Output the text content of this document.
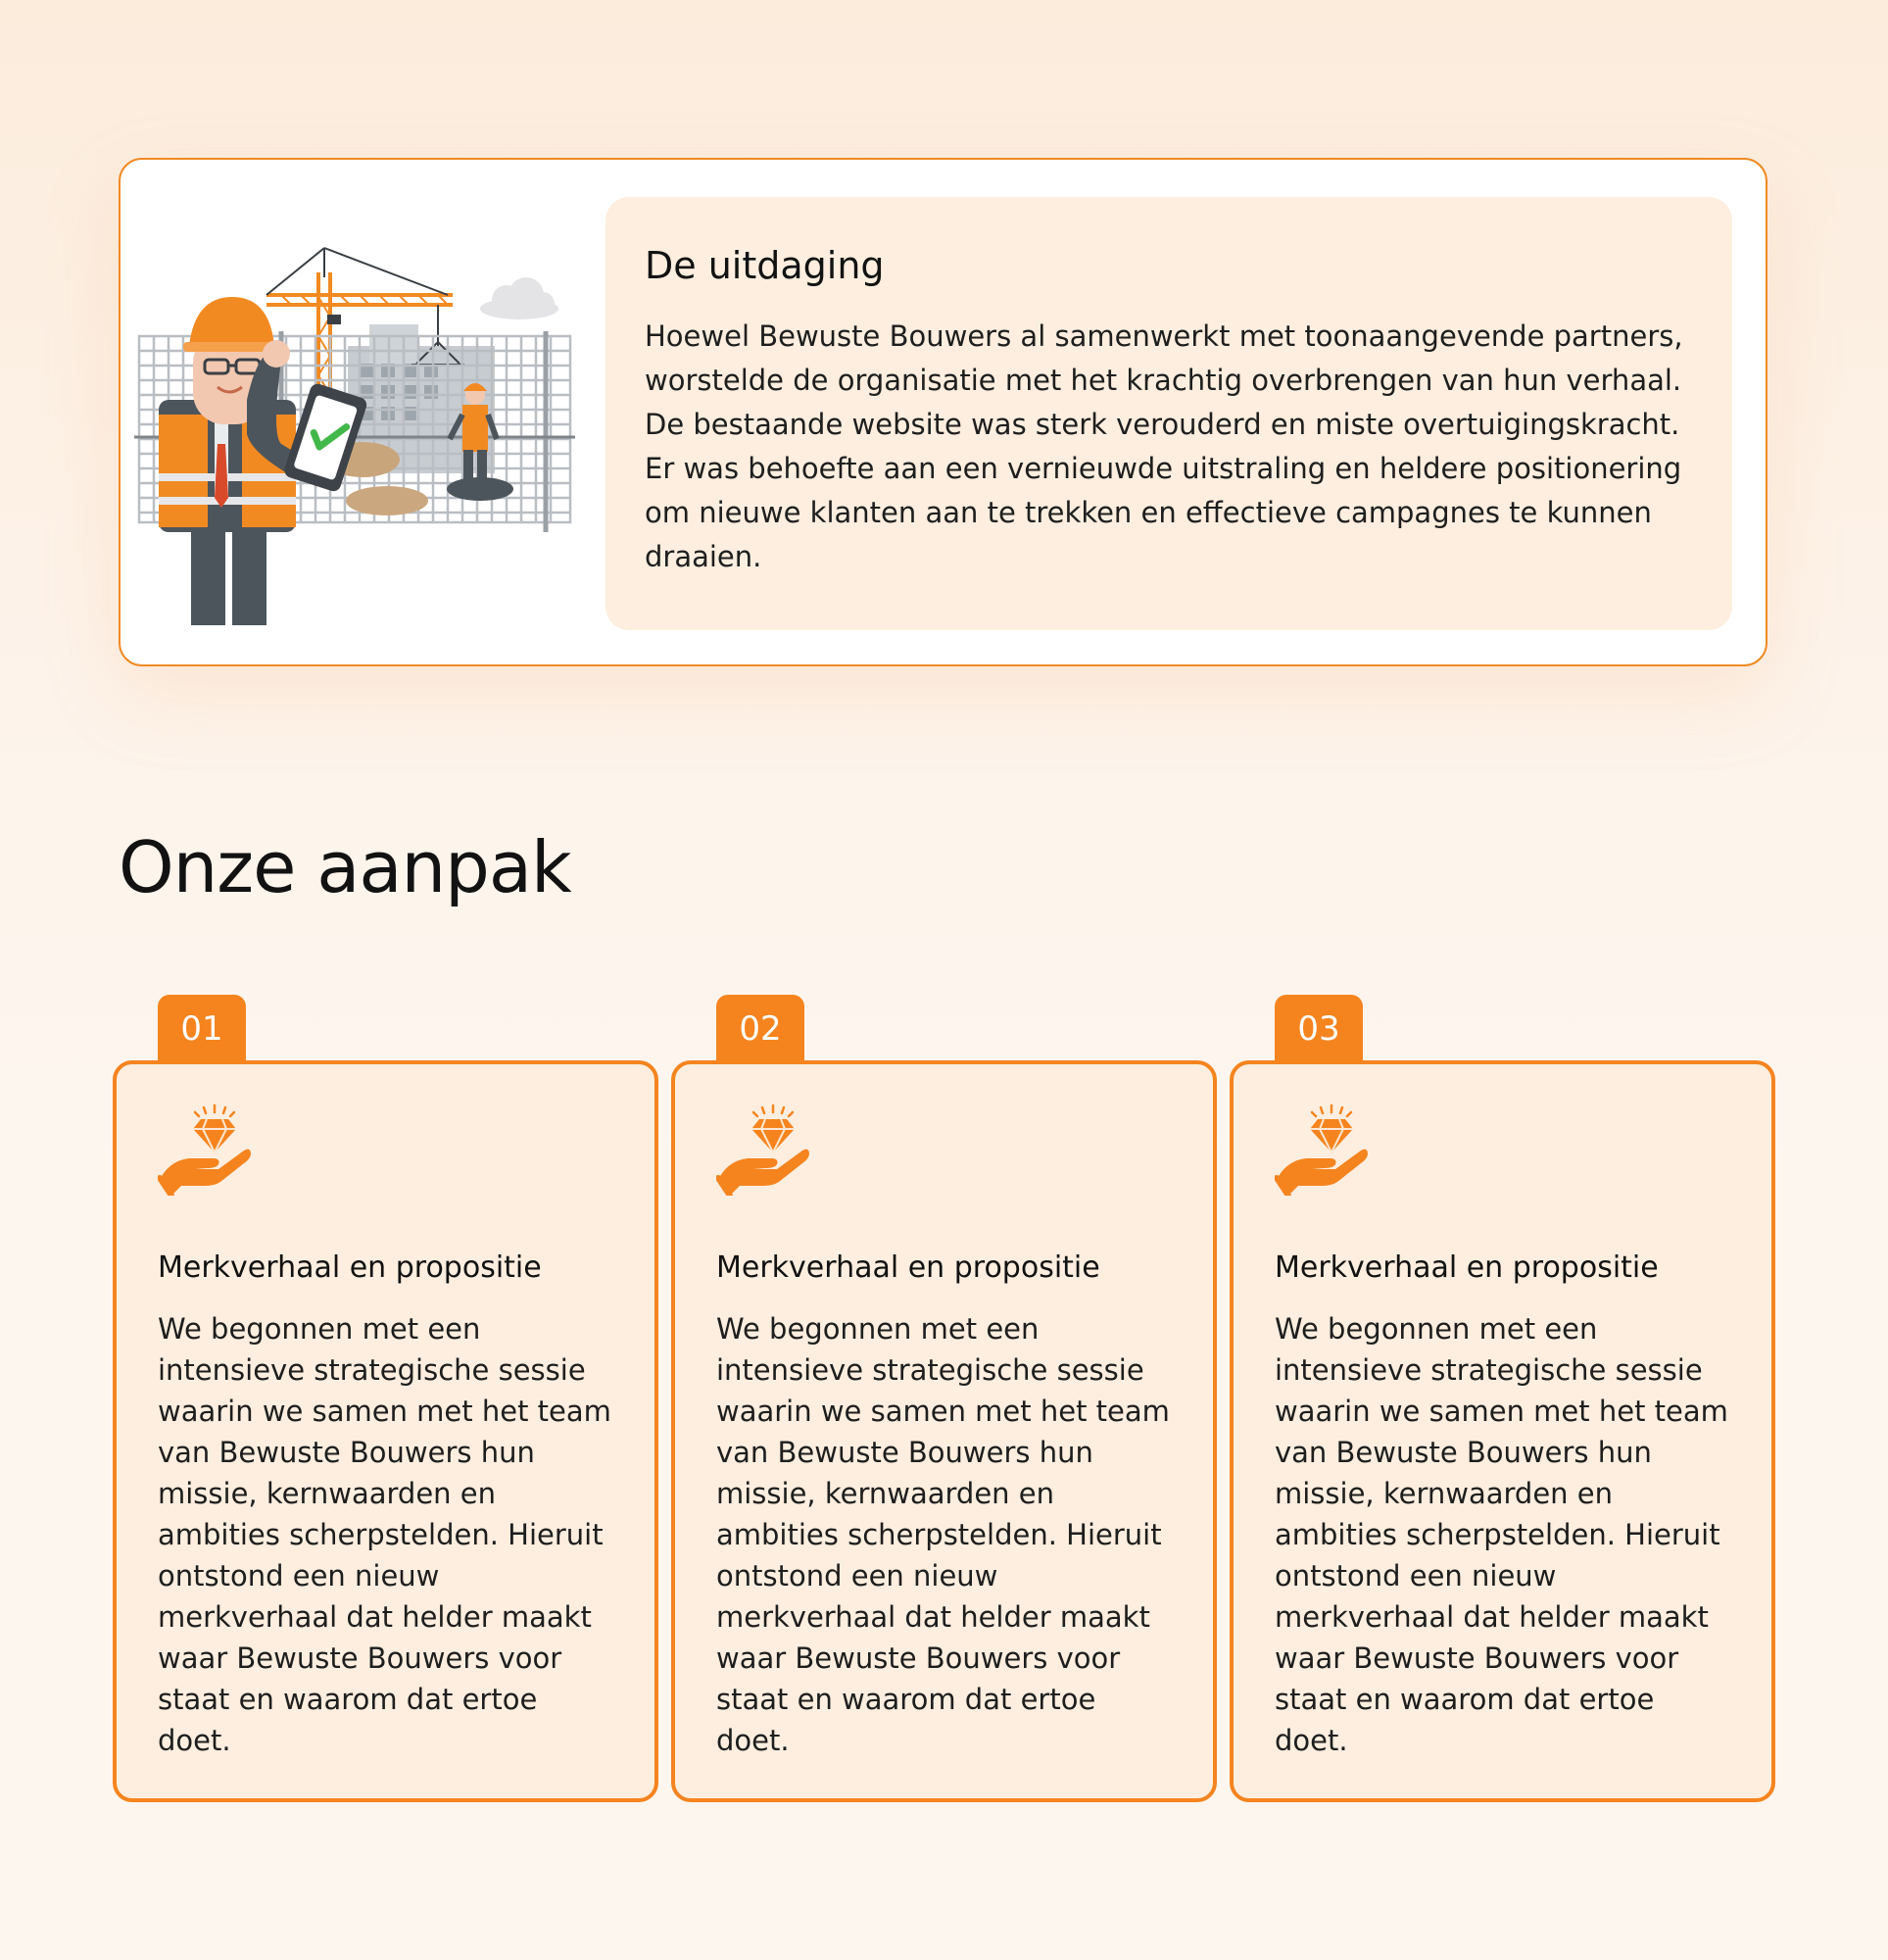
De uitdaging

Hoewel Bewuste Bouwers al samenwerkt met toonaangevende partners, worstelde de organisatie met het krachtig overbrengen van hun verhaal. De bestaande website was sterk verouderd en miste overtuigingskracht. Er was behoefte aan een vernieuwde uitstraling en heldere positionering om nieuwe klanten aan te trekken en effectieve campagnes te kunnen draaien.

Onze aanpak
01
Merkverhaal en propositie

We begonnen met een intensieve strategische sessie waarin we samen met het team van Bewuste Bouwers hun missie, kernwaarden en ambities scherpstelden. Hieruit ontstond een nieuw merkverhaal dat helder maakt waar Bewuste Bouwers voor staat en waarom dat ertoe doet.

02
Merkverhaal en propositie

We begonnen met een intensieve strategische sessie waarin we samen met het team van Bewuste Bouwers hun missie, kernwaarden en ambities scherpstelden. Hieruit ontstond een nieuw merkverhaal dat helder maakt waar Bewuste Bouwers voor staat en waarom dat ertoe doet.

03
Merkverhaal en propositie

We begonnen met een intensieve strategische sessie waarin we samen met het team van Bewuste Bouwers hun missie, kernwaarden en ambities scherpstelden. Hieruit ontstond een nieuw merkverhaal dat helder maakt waar Bewuste Bouwers voor staat en waarom dat ertoe doet.
